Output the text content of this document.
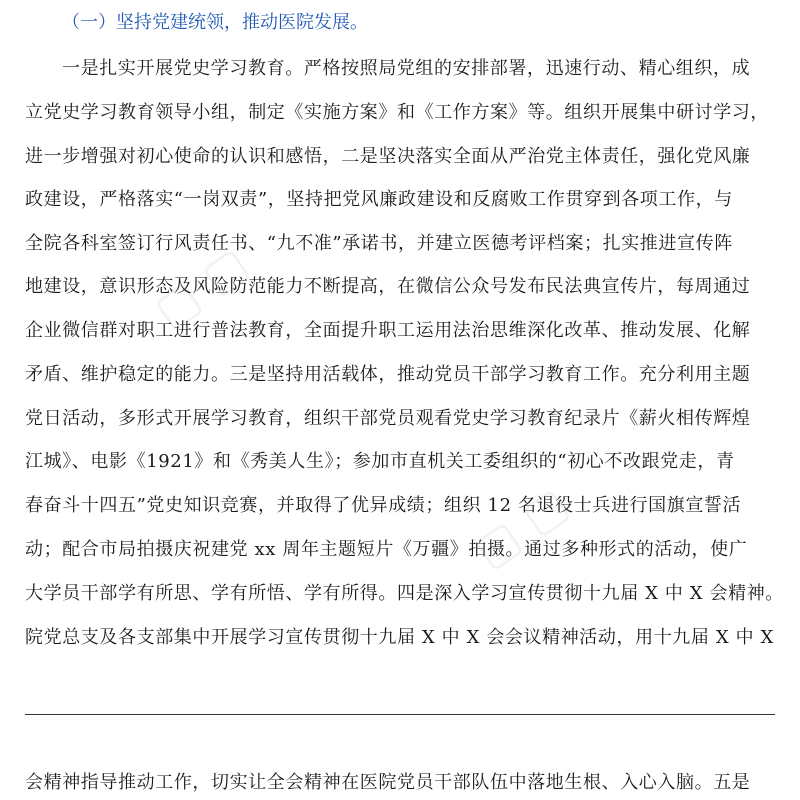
（一）坚持党建统领，推动医院发展。
一是扎实开展党史学习教育。严格按照局党组的安排部署，迅速行动、精心组织，成
立党史学习教育领导小组，制定《实施方案》和《工作方案》等。组织开展集中研讨学习，
进一步增强对初心使命的认识和感悟，二是坚决落实全面从严治党主体责任，强化党风廉
政建设，严格落实“一岗双责”，坚持把党风廉政建设和反腐败工作贯穿到各项工作，与
全院各科室签订行风责任书、“九不准”承诺书，并建立医德考评档案；扎实推进宣传阵
地建设，意识形态及风险防范能力不断提高，在微信公众号发布民法典宣传片，每周通过
企业微信群对职工进行普法教育，全面提升职工运用法治思维深化改革、推动发展、化解
矛盾、维护稳定的能力。三是坚持用活载体，推动党员干部学习教育工作。充分利用主题
党日活动，多形式开展学习教育，组织干部党员观看党史学习教育纪录片《薪火相传辉煌
江城》、电影《1921》和《秀美人生》；参加市直机关工委组织的“初心不改跟党走，青
春奋斗十四五”党史知识竞赛，并取得了优异成绩；组织 12 名退役士兵进行国旗宣誓活
动；配合市局拍摄庆祝建党 xx 周年主题短片《万疆》拍摄。通过多种形式的活动，使广
大学员干部学有所思、学有所悟、学有所得。四是深入学习宣传贯彻十九届 X 中 X 会精神。
院党总支及各支部集中开展学习宣传贯彻十九届 X 中 X 会会议精神活动，用十九届 X 中 X
会精神指导推动工作，切实让全会精神在医院党员干部队伍中落地生根、入心入脑。五是
▢ ▢
▢ ▢
